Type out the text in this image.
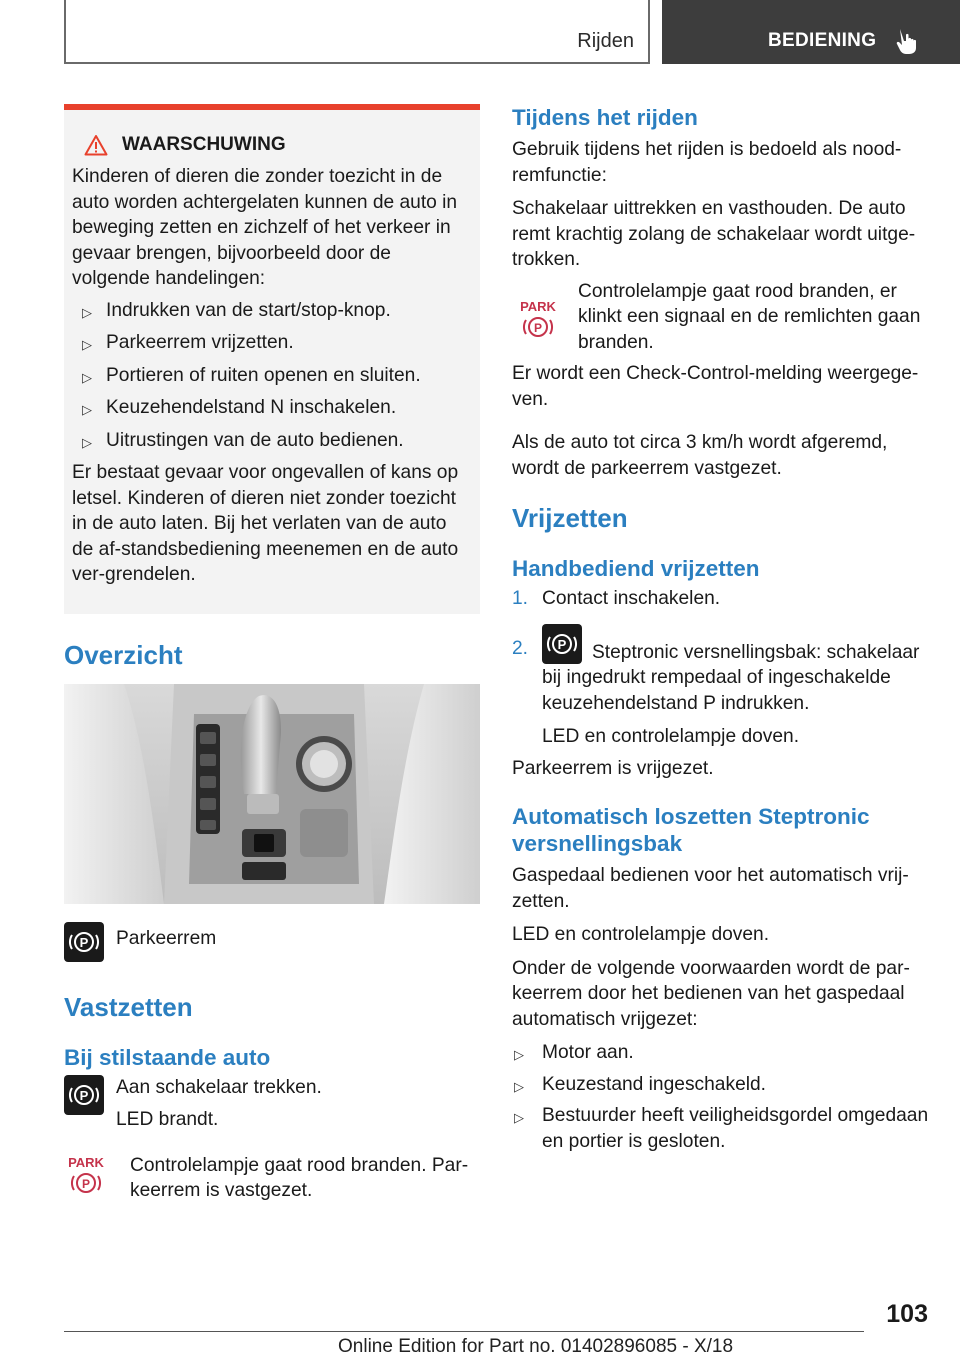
Rijden	BEDIENING
WAARSCHUWING

Kinderen of dieren die zonder toezicht in de auto worden achtergelaten kunnen de auto in beweging zetten en zichzelf of het verkeer in gevaar brengen, bijvoorbeeld door de volgende handelingen:

▷ Indrukken van de start/stop-knop.
▷ Parkeerrem vrijzetten.
▷ Portieren of ruiten openen en sluiten.
▷ Keuzehendelstand N inschakelen.
▷ Uitrustingen van de auto bedienen.

Er bestaat gevaar voor ongevallen of kans op letsel. Kinderen of dieren niet zonder toezicht in de auto laten. Bij het verlaten van de auto de af-standsbediening meenemen en de auto ver-grendelen.

Overzicht
P Parkeerrem

Vastzetten
Bij stilstaande auto
P Aan schakelaar trekken.

LED brandt.

PARK
P

Controlelampje gaat rood branden. Par-keerrem is vastgezet.

Tijdens het rijden

Gebruik tijdens het rijden is bedoeld als nood-remfunctie:

Schakelaar uittrekken en vasthouden. De auto remt krachtig zolang de schakelaar wordt uitge-trokken.

PARK
P

Controlelampje gaat rood branden, er klinkt een signaal en de remlichten gaan branden.

Er wordt een Check-Control-melding weergege-ven.

Als de auto tot circa 3 km/h wordt afgeremd, wordt de parkeerrem vastgezet.

Vrijzetten
Handbediend vrijzetten
1. Contact inschakelen.
2. P Steptronic versnellingsbak: schakelaar bij ingedrukt rempedaal of ingeschakelde keuzehendelstand P indrukken.

LED en controlelampje doven.

Parkeerrem is vrijgezet.

Automatisch loszetten Steptronic versnellingsbak

Gaspedaal bedienen voor het automatisch vrij-zetten.

LED en controlelampje doven.

Onder de volgende voorwaarden wordt de par-keerrem door het bedienen van het gaspedaal automatisch vrijgezet:

▷ Motor aan.
▷ Keuzestand ingeschakeld.
▷ Bestuurder heeft veiligheidsgordel omgedaan en portier is gesloten.
103
Online Edition for Part no. 01402896085 - X/18
